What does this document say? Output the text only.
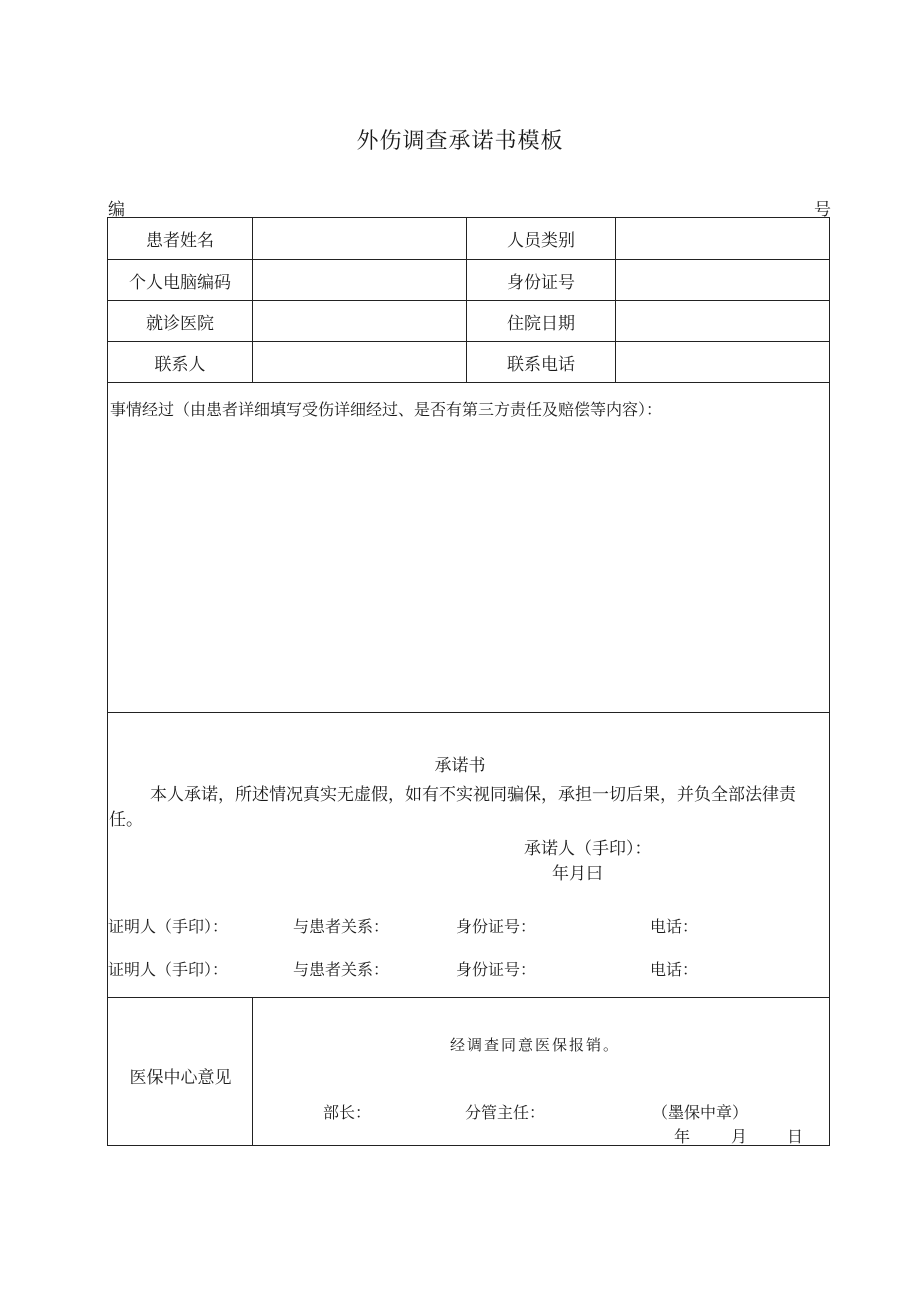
外伤调查承诺书模板
编	号
患者姓名	人员类别
个人电脑编码	身份证号
就诊医院	住院日期
联系人	联系电话
事情经过（由患者详细填写受伤详细经过、是否有第三方责任及赔偿等内容）：
承诺书
本人承诺，所述情况真实无虚假，如有不实视同骗保，承担一切后果，并负全部法律责任。
承诺人（手印）：
年月曰
证明人（手印）：	与患者关系：	身份证号：	电话：
证明人（手印）：	与患者关系：	身份证号：	电话：
医保中心意见
经调查同意医保报销。
部长：	分管主任：	（墨保中章）
年	月 日
